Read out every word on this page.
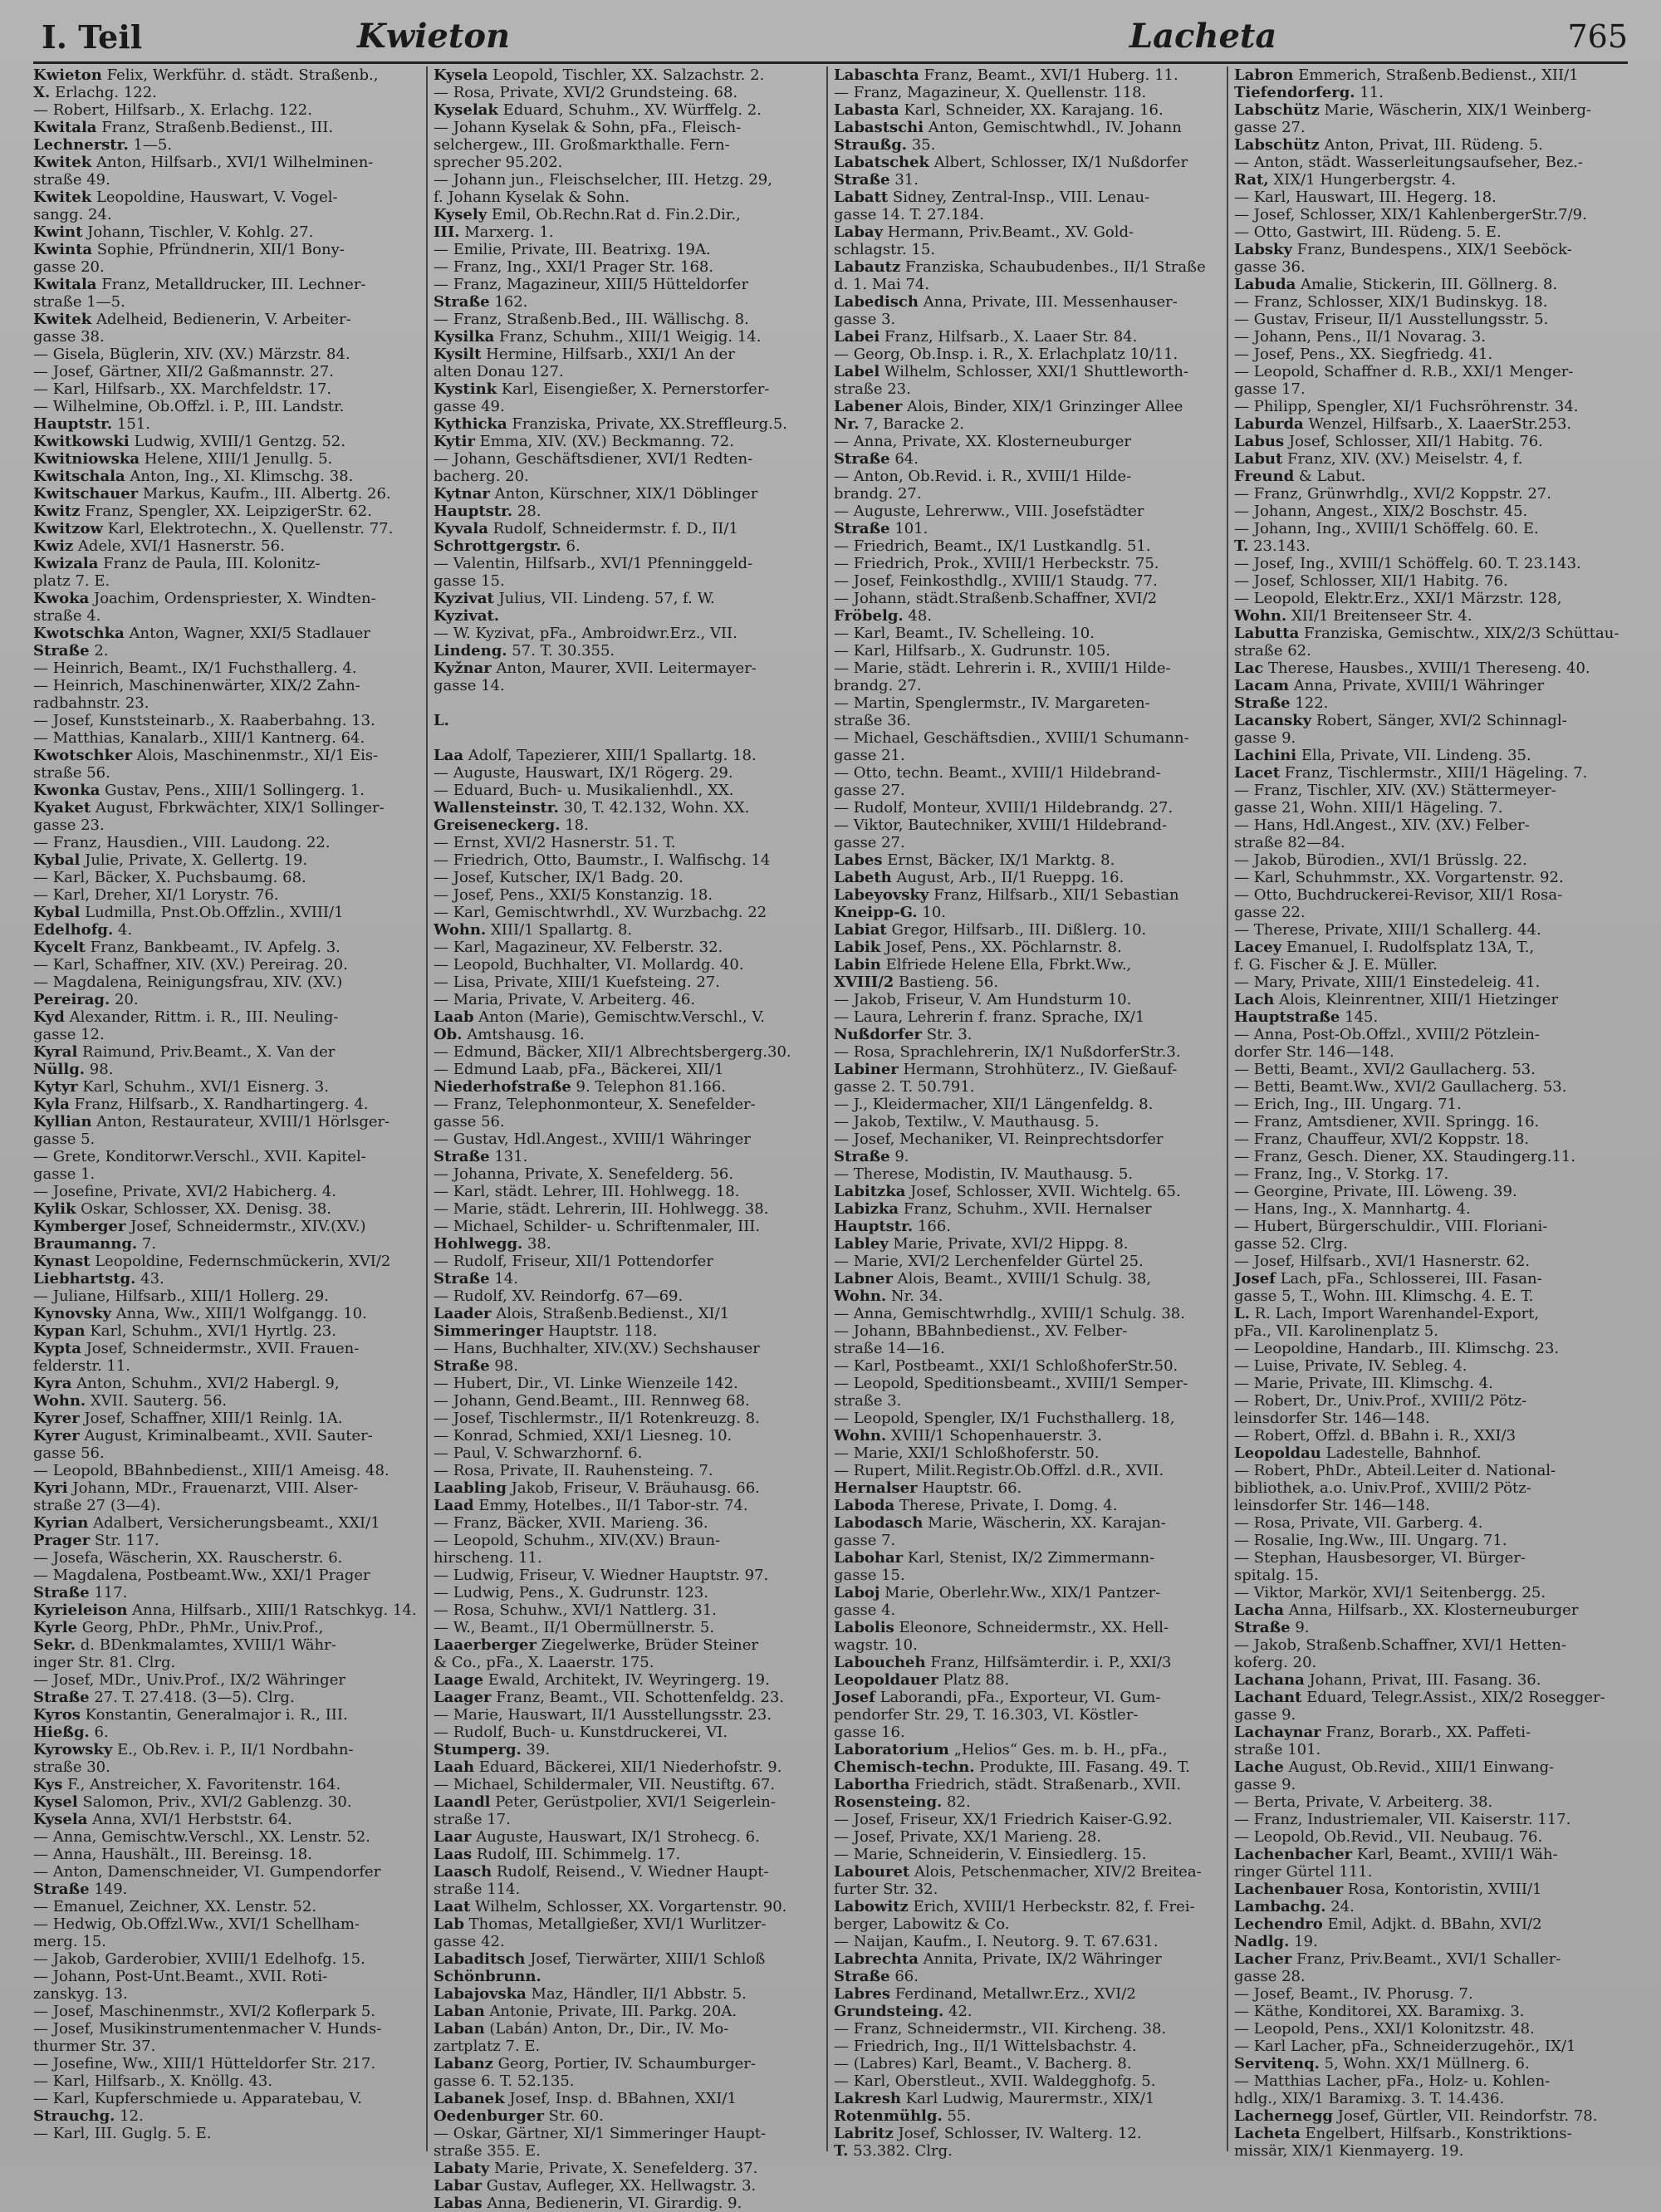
I. Teil	Kwieton	Lacheta	765
Kwieton Felix, Werkführ. d. städt. Straßenb.,
X. Erlachg. 122.
— Robert, Hilfsarb., X. Erlachg. 122.
Kwitala Franz, Straßenb.Bedienst., III.
Lechnerstr. 1—5.
Kwitek Anton, Hilfsarb., XVI/1 Wilhelminen-
straße 49.
Kwitek Leopoldine, Hauswart, V. Vogel-
sangg. 24.
Kwint Johann, Tischler, V. Kohlg. 27.
Kwinta Sophie, Pfründnerin, XII/1 Bony-
gasse 20.
Kwitala Franz, Metalldrucker, III. Lechner-
straße 1—5.
Kwitek Adelheid, Bedienerin, V. Arbeiter-
gasse 38.
— Gisela, Büglerin, XIV. (XV.) Märzstr. 84.
— Josef, Gärtner, XII/2 Gaßmannstr. 27.
— Karl, Hilfsarb., XX. Marchfeldstr. 17.
— Wilhelmine, Ob.Offzl. i. P., III. Landstr.
Hauptstr. 151.
Kwitkowski Ludwig, XVIII/1 Gentzg. 52.
Kwitniowska Helene, XIII/1 Jenullg. 5.
Kwitschala Anton, Ing., XI. Klimschg. 38.
Kwitschauer Markus, Kaufm., III. Albertg. 26.
Kwitz Franz, Spengler, XX. LeipzigerStr. 62.
Kwitzow Karl, Elektrotechn., X. Quellenstr. 77.
Kwiz Adele, XVI/1 Hasnerstr. 56.
Kwizala Franz de Paula, III. Kolonitz-
platz 7. E.
Kwoka Joachim, Ordenspriester, X. Windten-
straße 4.
Kwotschka Anton, Wagner, XXI/5 Stadlauer
Straße 2.
— Heinrich, Beamt., IX/1 Fuchsthallerg. 4.
— Heinrich, Maschinenwärter, XIX/2 Zahn-
radbahnstr. 23.
— Josef, Kunststeinarb., X. Raaberbahng. 13.
— Matthias, Kanalarb., XIII/1 Kantnerg. 64.
Kwotschker Alois, Maschinenmstr., XI/1 Eis-
straße 56.
Kwonka Gustav, Pens., XIII/1 Sollingerg. 1.
Kyaket August, Fbrkwächter, XIX/1 Sollinger-
gasse 23.
— Franz, Hausdien., VIII. Laudong. 22.
Kybal Julie, Private, X. Gellertg. 19.
— Karl, Bäcker, X. Puchsbaumg. 68.
— Karl, Dreher, XI/1 Lorystr. 76.
Kybal Ludmilla, Pnst.Ob.Offzlin., XVIII/1
Edelhofg. 4.
Kycelt Franz, Bankbeamt., IV. Apfelg. 3.
— Karl, Schaffner, XIV. (XV.) Pereirag. 20.
— Magdalena, Reinigungsfrau, XIV. (XV.)
Pereirag. 20.
Kyd Alexander, Rittm. i. R., III. Neuling-
gasse 12.
Kyral Raimund, Priv.Beamt., X. Van der
Nüllg. 98.
Kytyr Karl, Schuhm., XVI/1 Eisnerg. 3.
Kyla Franz, Hilfsarb., X. Randhartingerg. 4.
Kyllian Anton, Restaurateur, XVIII/1 Hörlsger-
gasse 5.
— Grete, Konditorwr.Verschl., XVII. Kapitel-
gasse 1.
— Josefine, Private, XVI/2 Habicherg. 4.
Kylik Oskar, Schlosser, XX. Denisg. 38.
Kymberger Josef, Schneidermstr., XIV.(XV.)
Braumanng. 7.
Kynast Leopoldine, Federnschmückerin, XVI/2
Liebhartstg. 43.
— Juliane, Hilfsarb., XIII/1 Hollerg. 29.
Kynovsky Anna, Ww., XIII/1 Wolfgangg. 10.
Kypan Karl, Schuhm., XVI/1 Hyrtlg. 23.
Kypta Josef, Schneidermstr., XVII. Frauen-
felderstr. 11.
Kyra Anton, Schuhm., XVI/2 Habergl. 9,
Wohn. XVII. Sauterg. 56.
Kyrer Josef, Schaffner, XIII/1 Reinlg. 1A.
Kyrer August, Kriminalbeamt., XVII. Sauter-
gasse 56.
— Leopold, BBahnbedienst., XIII/1 Ameisg. 48.
Kyri Johann, MDr., Frauenarzt, VIII. Alser-
straße 27 (3—4).
Kyrian Adalbert, Versicherungsbeamt., XXI/1
Prager Str. 117.
— Josefa, Wäscherin, XX. Rauscherstr. 6.
— Magdalena, Postbeamt.Ww., XXI/1 Prager
Straße 117.
Kyrieleison Anna, Hilfsarb., XIII/1 Ratschkyg. 14.
Kyrle Georg, PhDr., PhMr., Univ.Prof.,
Sekr. d. BDenkmalamtes, XVIII/1 Währ-
inger Str. 81. Clrg.
— Josef, MDr., Univ.Prof., IX/2 Währinger
Straße 27. T. 27.418. (3—5). Clrg.
Kyros Konstantin, Generalmajor i. R., III.
Hießg. 6.
Kyrowsky E., Ob.Rev. i. P., II/1 Nordbahn-
straße 30.
Kys F., Anstreicher, X. Favoritenstr. 164.
Kysel Salomon, Priv., XVI/2 Gablenzg. 30.
Kysela Anna, XVI/1 Herbststr. 64.
— Anna, Gemischtw.Verschl., XX. Lenstr. 52.
— Anna, Haushält., III. Bereinsg. 18.
— Anton, Damenschneider, VI. Gumpendorfer
Straße 149.
— Emanuel, Zeichner, XX. Lenstr. 52.
— Hedwig, Ob.Offzl.Ww., XVI/1 Schellham-
merg. 15.
— Jakob, Garderobier, XVIII/1 Edelhofg. 15.
— Johann, Post-Unt.Beamt., XVII. Roti-
zanskyg. 13.
— Josef, Maschinenmstr., XVI/2 Koflerpark 5.
— Josef, Musikinstrumentenmacher V. Hunds-
thurmer Str. 37.
— Josefine, Ww., XIII/1 Hütteldorfer Str. 217.
— Karl, Hilfsarb., X. Knöllg. 43.
— Karl, Kupferschmiede u. Apparatebau, V.
Strauchg. 12.
— Karl, III. Guglg. 5. E.
Kysela Leopold, Tischler, XX. Salzachstr. 2.
— Rosa, Private, XVI/2 Grundsteing. 68.
Kyselak Eduard, Schuhm., XV. Würffelg. 2.
— Johann Kyselak & Sohn, pFa., Fleisch-
selchergew., III. Großmarkthalle. Fern-
sprecher 95.202.
— Johann jun., Fleischselcher, III. Hetzg. 29,
f. Johann Kyselak & Sohn.
Kysely Emil, Ob.Rechn.Rat d. Fin.2.Dir.,
III. Marxerg. 1.
— Emilie, Private, III. Beatrixg. 19A.
— Franz, Ing., XXI/1 Prager Str. 168.
— Franz, Magazineur, XIII/5 Hütteldorfer
Straße 162.
— Franz, Straßenb.Bed., III. Wällischg. 8.
Kysilka Franz, Schuhm., XIII/1 Weigig. 14.
Kysilt Hermine, Hilfsarb., XXI/1 An der
alten Donau 127.
Kystink Karl, Eisengießer, X. Pernerstorfer-
gasse 49.
Kythicka Franziska, Private, XX.Streffleurg.5.
Kytir Emma, XIV. (XV.) Beckmanng. 72.
— Johann, Geschäftsdiener, XVI/1 Redten-
bacherg. 20.
Kytnar Anton, Kürschner, XIX/1 Döblinger
Hauptstr. 28.
Kyvala Rudolf, Schneidermstr. f. D., II/1
Schrottgergstr. 6.
— Valentin, Hilfsarb., XVI/1 Pfenninggeld-
gasse 15.
Kyzivat Julius, VII. Lindeng. 57, f. W.
Kyzivat.
— W. Kyzivat, pFa., Ambroidwr.Erz., VII.
Lindeng. 57. T. 30.355.
Kyžnar Anton, Maurer, XVII. Leitermayer-
gasse 14.

L.

Laa Adolf, Tapezierer, XIII/1 Spallartg. 18.
— Auguste, Hauswart, IX/1 Rögerg. 29.
— Eduard, Buch- u. Musikalienhdl., XX.
Wallensteinstr. 30, T. 42.132, Wohn. XX.
Greiseneckerg. 18.
— Ernst, XVI/2 Hasnerstr. 51. T.
— Friedrich, Otto, Baumstr., I. Walfischg. 14
— Josef, Kutscher, IX/1 Badg. 20.
— Josef, Pens., XXI/5 Konstanzig. 18.
— Karl, Gemischtwrhdl., XV. Wurzbachg. 22
Wohn. XIII/1 Spallartg. 8.
— Karl, Magazineur, XV. Felberstr. 32.
— Leopold, Buchhalter, VI. Mollardg. 40.
— Lisa, Private, XIII/1 Kuefsteing. 27.
— Maria, Private, V. Arbeiterg. 46.
Laab Anton (Marie), Gemischtw.Verschl., V.
Ob. Amtshausg. 16.
— Edmund, Bäcker, XII/1 Albrechtsbergerg.30.
— Edmund Laab, pFa., Bäckerei, XII/1
Niederhofstraße 9. Telephon 81.166.
— Franz, Telephonmonteur, X. Senefelder-
gasse 56.
— Gustav, Hdl.Angest., XVIII/1 Währinger
Straße 131.
— Johanna, Private, X. Senefelderg. 56.
— Karl, städt. Lehrer, III. Hohlwegg. 18.
— Marie, städt. Lehrerin, III. Hohlwegg. 38.
— Michael, Schilder- u. Schriftenmaler, III.
Hohlwegg. 38.
— Rudolf, Friseur, XII/1 Pottendorfer
Straße 14.
— Rudolf, XV. Reindorfg. 67—69.
Laader Alois, Straßenb.Bedienst., XI/1
Simmeringer Hauptstr. 118.
— Hans, Buchhalter, XIV.(XV.) Sechshauser
Straße 98.
— Hubert, Dir., VI. Linke Wienzeile 142.
— Johann, Gend.Beamt., III. Rennweg 68.
— Josef, Tischlermstr., II/1 Rotenkreuzg. 8.
— Konrad, Schmied, XXI/1 Liesneg. 10.
— Paul, V. Schwarzhornf. 6.
— Rosa, Private, II. Rauhensteing. 7.
Laabling Jakob, Friseur, V. Bräuhausg. 66.
Laad Emmy, Hotelbes., II/1 Tabor-str. 74.
— Franz, Bäcker, XVII. Marieng. 36.
— Leopold, Schuhm., XIV.(XV.) Braun-
hirscheng. 11.
— Ludwig, Friseur, V. Wiedner Hauptstr. 97.
— Ludwig, Pens., X. Gudrunstr. 123.
— Rosa, Schuhw., XVI/1 Nattlerg. 31.
— W., Beamt., II/1 Obermüllnerstr. 5.
Laaerberger Ziegelwerke, Brüder Steiner
& Co., pFa., X. Laaerstr. 175.
Laage Ewald, Architekt, IV. Weyringerg. 19.
Laager Franz, Beamt., VII. Schottenfeldg. 23.
— Marie, Hauswart, II/1 Ausstellungsstr. 23.
— Rudolf, Buch- u. Kunstdruckerei, VI.
Stumperg. 39.
Laah Eduard, Bäckerei, XII/1 Niederhofstr. 9.
— Michael, Schildermaler, VII. Neustiftg. 67.
Laandl Peter, Gerüstpolier, XVI/1 Seigerlein-
straße 17.
Laar Auguste, Hauswart, IX/1 Strohecg. 6.
Laas Rudolf, III. Schimmelg. 17.
Laasch Rudolf, Reisend., V. Wiedner Haupt-
straße 114.
Laat Wilhelm, Schlosser, XX. Vorgartenstr. 90.
Lab Thomas, Metallgießer, XVI/1 Wurlitzer-
gasse 42.
Labaditsch Josef, Tierwärter, XIII/1 Schloß
Schönbrunn.
Labajovska Maz, Händler, II/1 Abbstr. 5.
Laban Antonie, Private, III. Parkg. 20A.
Laban (Labán) Anton, Dr., Dir., IV. Mo-
zartplatz 7. E.
Labanz Georg, Portier, IV. Schaumburger-
gasse 6. T. 52.135.
Labanek Josef, Insp. d. BBahnen, XXI/1
Oedenburger Str. 60.
— Oskar, Gärtner, XI/1 Simmeringer Haupt-
straße 355. E.
Labaty Marie, Private, X. Senefelderg. 37.
Labar Gustav, Aufleger, XX. Hellwagstr. 3.
Labas Anna, Bedienerin, VI. Girardig. 9.
Labaschta Franz, Beamt., XVI/1 Huberg. 11.
— Franz, Magazineur, X. Quellenstr. 118.
Labasta Karl, Schneider, XX. Karajang. 16.
Labastschi Anton, Gemischtwhdl., IV. Johann
Straußg. 35.
Labatschek Albert, Schlosser, IX/1 Nußdorfer
Straße 31.
Labatt Sidney, Zentral-Insp., VIII. Lenau-
gasse 14. T. 27.184.
Labay Hermann, Priv.Beamt., XV. Gold-
schlagstr. 15.
Labautz Franziska, Schaubudenbes., II/1 Straße
d. 1. Mai 74.
Labedisch Anna, Private, III. Messenhauser-
gasse 3.
Labei Franz, Hilfsarb., X. Laaer Str. 84.
— Georg, Ob.Insp. i. R., X. Erlachplatz 10/11.
Label Wilhelm, Schlosser, XXI/1 Shuttleworth-
straße 23.
Labener Alois, Binder, XIX/1 Grinzinger Allee
Nr. 7, Baracke 2.
— Anna, Private, XX. Klosterneuburger
Straße 64.
— Anton, Ob.Revid. i. R., XVIII/1 Hilde-
brandg. 27.
— Auguste, Lehrerww., VIII. Josefstädter
Straße 101.
— Friedrich, Beamt., IX/1 Lustkandlg. 51.
— Friedrich, Prok., XVIII/1 Herbeckstr. 75.
— Josef, Feinkosthdlg., XVIII/1 Staudg. 77.
— Johann, städt.Straßenb.Schaffner, XVI/2
Fröbelg. 48.
— Karl, Beamt., IV. Schelleing. 10.
— Karl, Hilfsarb., X. Gudrunstr. 105.
— Marie, städt. Lehrerin i. R., XVIII/1 Hilde-
brandg. 27.
— Martin, Spenglermstr., IV. Margareten-
straße 36.
— Michael, Geschäftsdien., XVIII/1 Schumann-
gasse 21.
— Otto, techn. Beamt., XVIII/1 Hildebrand-
gasse 27.
— Rudolf, Monteur, XVIII/1 Hildebrandg. 27.
— Viktor, Bautechniker, XVIII/1 Hildebrand-
gasse 27.
Labes Ernst, Bäcker, IX/1 Marktg. 8.
Labeth August, Arb., II/1 Rueppg. 16.
Labeyovsky Franz, Hilfsarb., XII/1 Sebastian
Kneipp-G. 10.
Labiat Gregor, Hilfsarb., III. Dißlerg. 10.
Labik Josef, Pens., XX. Pöchlarnstr. 8.
Labin Elfriede Helene Ella, Fbrkt.Ww.,
XVIII/2 Bastieng. 56.
— Jakob, Friseur, V. Am Hundsturm 10.
— Laura, Lehrerin f. franz. Sprache, IX/1
Nußdorfer Str. 3.
— Rosa, Sprachlehrerin, IX/1 NußdorferStr.3.
Labiner Hermann, Strohhüterz., IV. Gießauf-
gasse 2. T. 50.791.
— J., Kleidermacher, XII/1 Längenfeldg. 8.
— Jakob, Textilw., V. Mauthausg. 5.
— Josef, Mechaniker, VI. Reinprechtsdorfer
Straße 9.
— Therese, Modistin, IV. Mauthausg. 5.
Labitzka Josef, Schlosser, XVII. Wichtelg. 65.
Labizka Franz, Schuhm., XVII. Hernalser
Hauptstr. 166.
Labley Marie, Private, XVI/2 Hippg. 8.
— Marie, XVI/2 Lerchenfelder Gürtel 25.
Labner Alois, Beamt., XVIII/1 Schulg. 38,
Wohn. Nr. 34.
— Anna, Gemischtwrhdlg., XVIII/1 Schulg. 38.
— Johann, BBahnbedienst., XV. Felber-
straße 14—16.
— Karl, Postbeamt., XXI/1 SchloßhoferStr.50.
— Leopold, Speditionsbeamt., XVIII/1 Semper-
straße 3.
— Leopold, Spengler, IX/1 Fuchsthallerg. 18,
Wohn. XVIII/1 Schopenhauerstr. 3.
— Marie, XXI/1 Schloßhoferstr. 50.
— Rupert, Milit.Registr.Ob.Offzl. d.R., XVII.
Hernalser Hauptstr. 66.
Laboda Therese, Private, I. Domg. 4.
Labodasch Marie, Wäscherin, XX. Karajan-
gasse 7.
Labohar Karl, Stenist, IX/2 Zimmermann-
gasse 15.
Laboj Marie, Oberlehr.Ww., XIX/1 Pantzer-
gasse 4.
Labolis Eleonore, Schneidermstr., XX. Hell-
wagstr. 10.
Laboucheh Franz, Hilfsämterdir. i. P., XXI/3
Leopoldauer Platz 88.
Josef Laborandi, pFa., Exporteur, VI. Gum-
pendorfer Str. 29, T. 16.303, VI. Köstler-
gasse 16.
Laboratorium „Helios“ Ges. m. b. H., pFa.,
Chemisch-techn. Produkte, III. Fasang. 49. T.
Labortha Friedrich, städt. Straßenarb., XVII.
Rosensteing. 82.
— Josef, Friseur, XX/1 Friedrich Kaiser-G.92.
— Josef, Private, XX/1 Marieng. 28.
— Marie, Schneiderin, V. Einsiedlerg. 15.
Labouret Alois, Petschenmacher, XIV/2 Breitea-
furter Str. 32.
Labowitz Erich, XVIII/1 Herbeckstr. 82, f. Frei-
berger, Labowitz & Co.
— Naijan, Kaufm., I. Neutorg. 9. T. 67.631.
Labrechta Annita, Private, IX/2 Währinger
Straße 66.
Labres Ferdinand, Metallwr.Erz., XVI/2
Grundsteing. 42.
— Franz, Schneidermstr., VII. Kircheng. 38.
— Friedrich, Ing., II/1 Wittelsbachstr. 4.
— (Labres) Karl, Beamt., V. Bacherg. 8.
— Karl, Oberstleut., XVII. Waldegghofg. 5.
Lakresh Karl Ludwig, Maurermstr., XIX/1
Rotenmühlg. 55.
Labritz Josef, Schlosser, IV. Walterg. 12.
T. 53.382. Clrg.
Labron Emmerich, Straßenb.Bedienst., XII/1
Tiefendorferg. 11.
Labschütz Marie, Wäscherin, XIX/1 Weinberg-
gasse 27.
Labschütz Anton, Privat, III. Rüdeng. 5.
— Anton, städt. Wasserleitungsaufseher, Bez.-
Rat, XIX/1 Hungerbergstr. 4.
— Karl, Hauswart, III. Hegerg. 18.
— Josef, Schlosser, XIX/1 KahlenbergerStr.7/9.
— Otto, Gastwirt, III. Rüdeng. 5. E.
Labsky Franz, Bundespens., XIX/1 Seeböck-
gasse 36.
Labuda Amalie, Stickerin, III. Göllnerg. 8.
— Franz, Schlosser, XIX/1 Budinskyg. 18.
— Gustav, Friseur, II/1 Ausstellungsstr. 5.
— Johann, Pens., II/1 Novarag. 3.
— Josef, Pens., XX. Siegfriedg. 41.
— Leopold, Schaffner d. R.B., XXI/1 Menger-
gasse 17.
— Philipp, Spengler, XI/1 Fuchsröhrenstr. 34.
Laburda Wenzel, Hilfsarb., X. LaaerStr.253.
Labus Josef, Schlosser, XII/1 Habitg. 76.
Labut Franz, XIV. (XV.) Meiselstr. 4, f.
Freund & Labut.
— Franz, Grünwrhdlg., XVI/2 Koppstr. 27.
— Johann, Angest., XIX/2 Boschstr. 45.
— Johann, Ing., XVIII/1 Schöffelg. 60. E.
T. 23.143.
— Josef, Ing., XVIII/1 Schöffelg. 60. T. 23.143.
— Josef, Schlosser, XII/1 Habitg. 76.
— Leopold, Elektr.Erz., XXI/1 Märzstr. 128,
Wohn. XII/1 Breitenseer Str. 4.
Labutta Franziska, Gemischtw., XIX/2/3 Schüttau-
straße 62.
Lac Therese, Hausbes., XVIII/1 Thereseng. 40.
Lacam Anna, Private, XVIII/1 Währinger
Straße 122.
Lacansky Robert, Sänger, XVI/2 Schinnagl-
gasse 9.
Lachini Ella, Private, VII. Lindeng. 35.
Lacet Franz, Tischlermstr., XIII/1 Hägeling. 7.
— Franz, Tischler, XIV. (XV.) Stättermeyer-
gasse 21, Wohn. XIII/1 Hägeling. 7.
— Hans, Hdl.Angest., XIV. (XV.) Felber-
straße 82—84.
— Jakob, Bürodien., XVI/1 Brüsslg. 22.
— Karl, Schuhmmstr., XX. Vorgartenstr. 92.
— Otto, Buchdruckerei-Revisor, XII/1 Rosa-
gasse 22.
— Therese, Private, XIII/1 Schallerg. 44.
Lacey Emanuel, I. Rudolfsplatz 13A, T.,
f. G. Fischer & J. E. Müller.
— Mary, Private, XIII/1 Einstedeleig. 41.
Lach Alois, Kleinrentner, XIII/1 Hietzinger
Hauptstraße 145.
— Anna, Post-Ob.Offzl., XVIII/2 Pötzlein-
dorfer Str. 146—148.
— Betti, Beamt., XVI/2 Gaullacherg. 53.
— Betti, Beamt.Ww., XVI/2 Gaullacherg. 53.
— Erich, Ing., III. Ungarg. 71.
— Franz, Amtsdiener, XVII. Springg. 16.
— Franz, Chauffeur, XVI/2 Koppstr. 18.
— Franz, Gesch. Diener, XX. Staudingerg.11.
— Franz, Ing., V. Storkg. 17.
— Georgine, Private, III. Löweng. 39.
— Hans, Ing., X. Mannhartg. 4.
— Hubert, Bürgerschuldir., VIII. Floriani-
gasse 52. Clrg.
— Josef, Hilfsarb., XVI/1 Hasnerstr. 62.
Josef Lach, pFa., Schlosserei, III. Fasan-
gasse 5, T., Wohn. III. Klimschg. 4. E. T.
L. R. Lach, Import Warenhandel-Export,
pFa., VII. Karolinenplatz 5.
— Leopoldine, Handarb., III. Klimschg. 23.
— Luise, Private, IV. Sebleg. 4.
— Marie, Private, III. Klimschg. 4.
— Robert, Dr., Univ.Prof., XVIII/2 Pötz-
leinsdorfer Str. 146—148.
— Robert, Offzl. d. BBahn i. R., XXI/3
Leopoldau Ladestelle, Bahnhof.
— Robert, PhDr., Abteil.Leiter d. National-
bibliothek, a.o. Univ.Prof., XVIII/2 Pötz-
leinsdorfer Str. 146—148.
— Rosa, Private, VII. Garberg. 4.
— Rosalie, Ing.Ww., III. Ungarg. 71.
— Stephan, Hausbesorger, VI. Bürger-
spitalg. 15.
— Viktor, Markör, XVI/1 Seitenbergg. 25.
Lacha Anna, Hilfsarb., XX. Klosterneuburger
Straße 9.
— Jakob, Straßenb.Schaffner, XVI/1 Hetten-
koferg. 20.
Lachana Johann, Privat, III. Fasang. 36.
Lachant Eduard, Telegr.Assist., XIX/2 Rosegger-
gasse 9.
Lachaynar Franz, Borarb., XX. Paffeti-
straße 101.
Lache August, Ob.Revid., XIII/1 Einwang-
gasse 9.
— Berta, Private, V. Arbeiterg. 38.
— Franz, Industriemaler, VII. Kaiserstr. 117.
— Leopold, Ob.Revid., VII. Neubaug. 76.
Lachenbacher Karl, Beamt., XVIII/1 Wäh-
ringer Gürtel 111.
Lachenbauer Rosa, Kontoristin, XVIII/1
Lambachg. 24.
Lechendro Emil, Adjkt. d. BBahn, XVI/2
Nadlg. 19.
Lacher Franz, Priv.Beamt., XVI/1 Schaller-
gasse 28.
— Josef, Beamt., IV. Phorusg. 7.
— Käthe, Konditorei, XX. Baramixg. 3.
— Leopold, Pens., XXI/1 Kolonitzstr. 48.
— Karl Lacher, pFa., Schneiderzugehör., IX/1
Servitenq. 5, Wohn. XX/1 Müllnerg. 6.
— Matthias Lacher, pFa., Holz- u. Kohlen-
hdlg., XIX/1 Baramixg. 3. T. 14.436.
Lachernegg Josef, Gürtler, VII. Reindorfstr. 78.
Lacheta Engelbert, Hilfsarb., Konstriktions-
missär, XIX/1 Kienmayerg. 19.
